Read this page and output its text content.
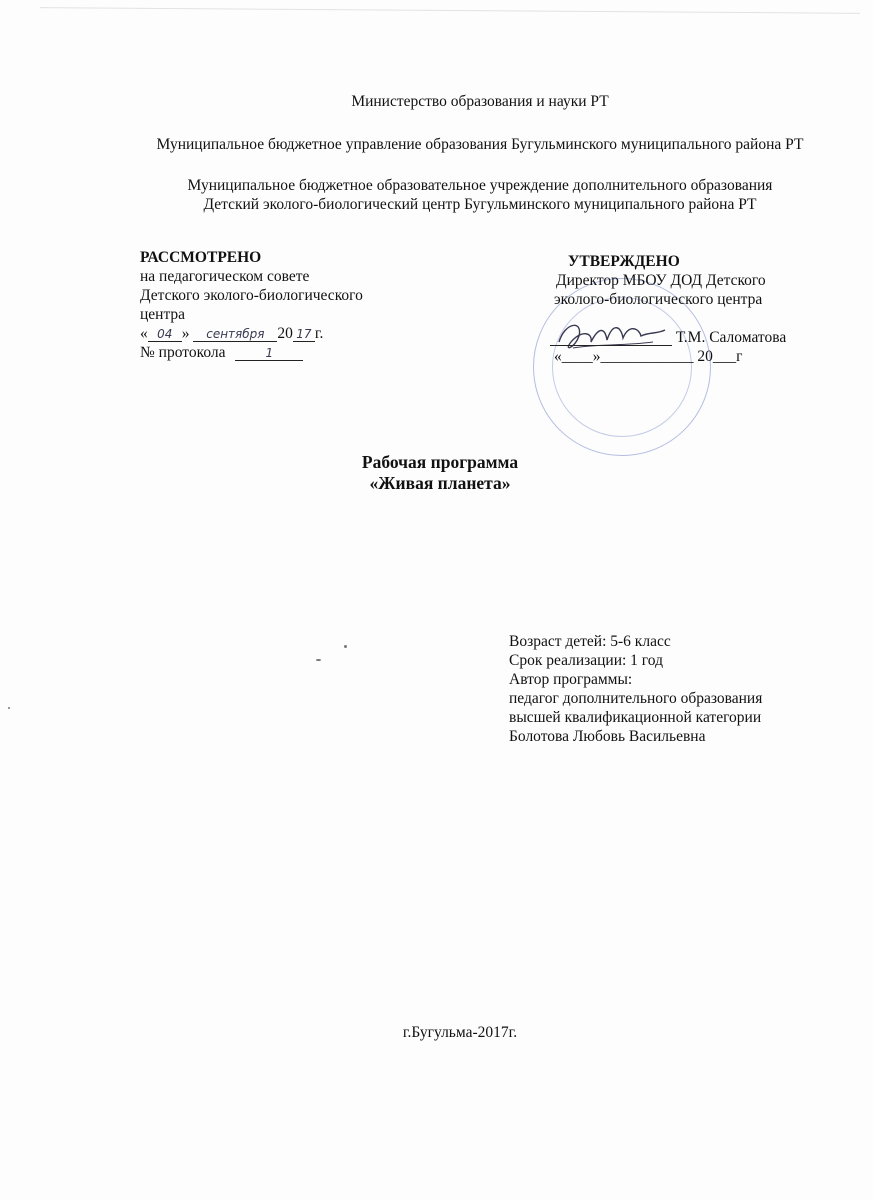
Министерство образования и науки РТ
Муниципальное бюджетное управление образования Бугульминского муниципального района РТ
Муниципальное бюджетное образовательное учреждение дополнительного образования
Детский эколого-биологический центр Бугульминского муниципального района РТ
РАССМОТРЕНО
на педагогическом совете
Детского эколого-биологического
центра
« 04 » сентября 20 17 г.
№ протокола	1
УТВЕРЖДЕНО
Директор МБОУ ДОД Детского
эколого-биологического центра
Т.М. Саломатова
«____»____________ 20___г
Рабочая программа
«Живая планета»
Возраст детей: 5-6 класс
Срок реализации: 1 год
Автор программы:
педагог дополнительного образования
высшей квалификационной категории
Болотова Любовь Васильевна
г.Бугульма-2017г.
